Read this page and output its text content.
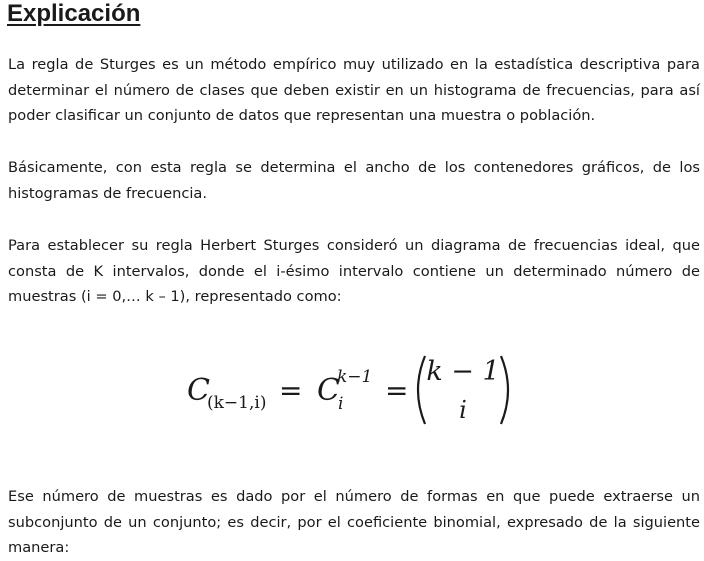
Explicación

La regla de Sturges es un método empírico muy utilizado en la estadística descriptiva para determinar el número de clases que deben existir en un histograma de frecuencias, para así poder clasificar un conjunto de datos que representan una muestra o población.

Básicamente, con esta regla se determina el ancho de los contenedores gráficos, de los histogramas de frecuencia.

Para establecer su regla Herbert Sturges consideró un diagrama de frecuencias ideal, que consta de K intervalos, donde el i-ésimo intervalo contiene un determinado número de muestras (i = 0,… k – 1), representado como:

C
(k−1,i) = C
k−1
i =
k − 1
i

Ese número de muestras es dado por el número de formas en que puede extraerse un subconjunto de un conjunto; es decir, por el coeficiente binomial, expresado de la siguiente manera:
